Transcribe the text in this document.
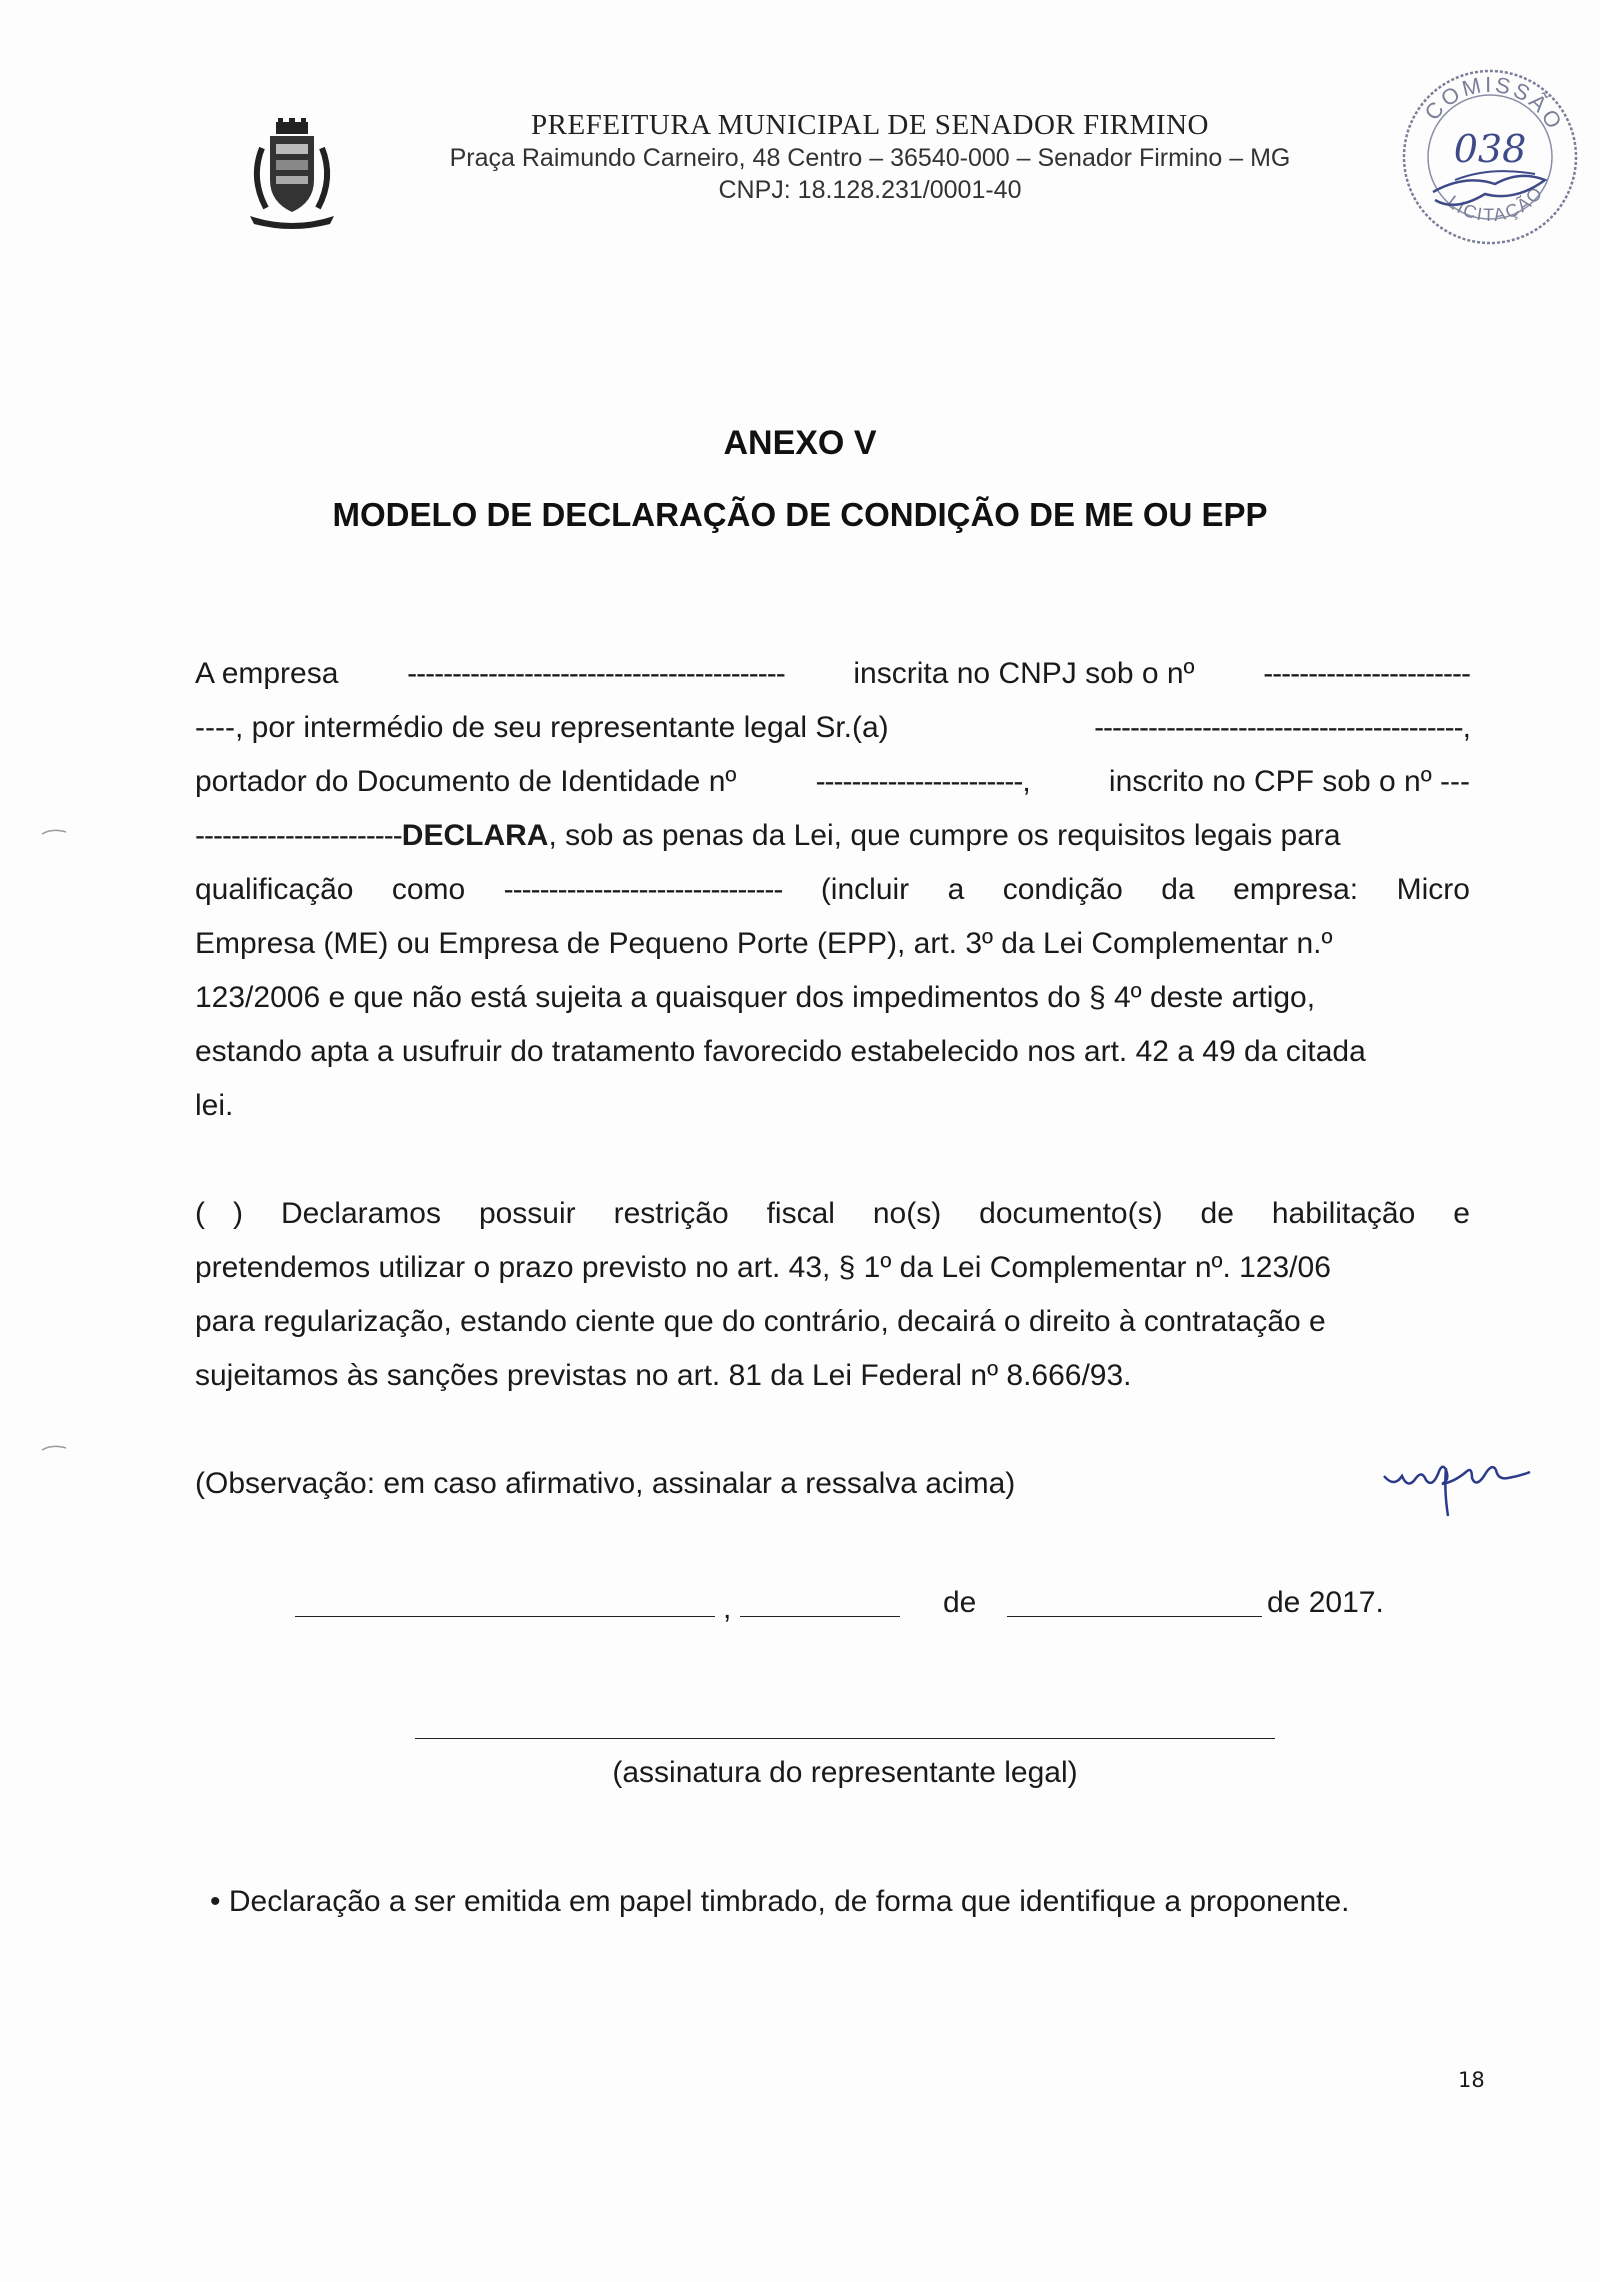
PREFEITURA MUNICIPAL DE SENADOR FIRMINO
Praça Raimundo Carneiro, 48 Centro – 36540-000 – Senador Firmino – MG
CNPJ: 18.128.231/0001-40
COMISSÃO
LICITAÇÃO
038
ANEXO V
MODELO DE DECLARAÇÃO DE CONDIÇÃO DE ME OU EPP
A empresa ------------------------------------------ inscrita no CNPJ sob o nº -----------------------
----, por intermédio de seu representante legal Sr.(a)	-----------------------------------------,
portador do Documento de Identidade nº	-----------------------,	inscrito no CPF sob o nº ---
-----------------------DECLARA, sob as penas da Lei, que cumpre os requisitos legais para
qualificação como ------------------------------- (incluir a condição da empresa: Micro
Empresa (ME) ou Empresa de Pequeno Porte (EPP), art. 3º da Lei Complementar n.º
123/2006 e que não está sujeita a quaisquer dos impedimentos do § 4º deste artigo,
estando apta a usufruir do tratamento favorecido estabelecido nos art. 42 a 49 da citada
lei.
( ) Declaramos possuir restrição fiscal no(s) documento(s) de habilitação e
pretendemos utilizar o prazo previsto no art. 43, § 1º da Lei Complementar nº. 123/06
para regularização, estando ciente que do contrário, decairá o direito à contratação e
sujeitamos às sanções previstas no art. 81 da Lei Federal nº 8.666/93.
(Observação: em caso afirmativo, assinalar a ressalva acima)
,	de	de 2017.
(assinatura do representante legal)
• Declaração a ser emitida em papel timbrado, de forma que identifique a proponente.
18
